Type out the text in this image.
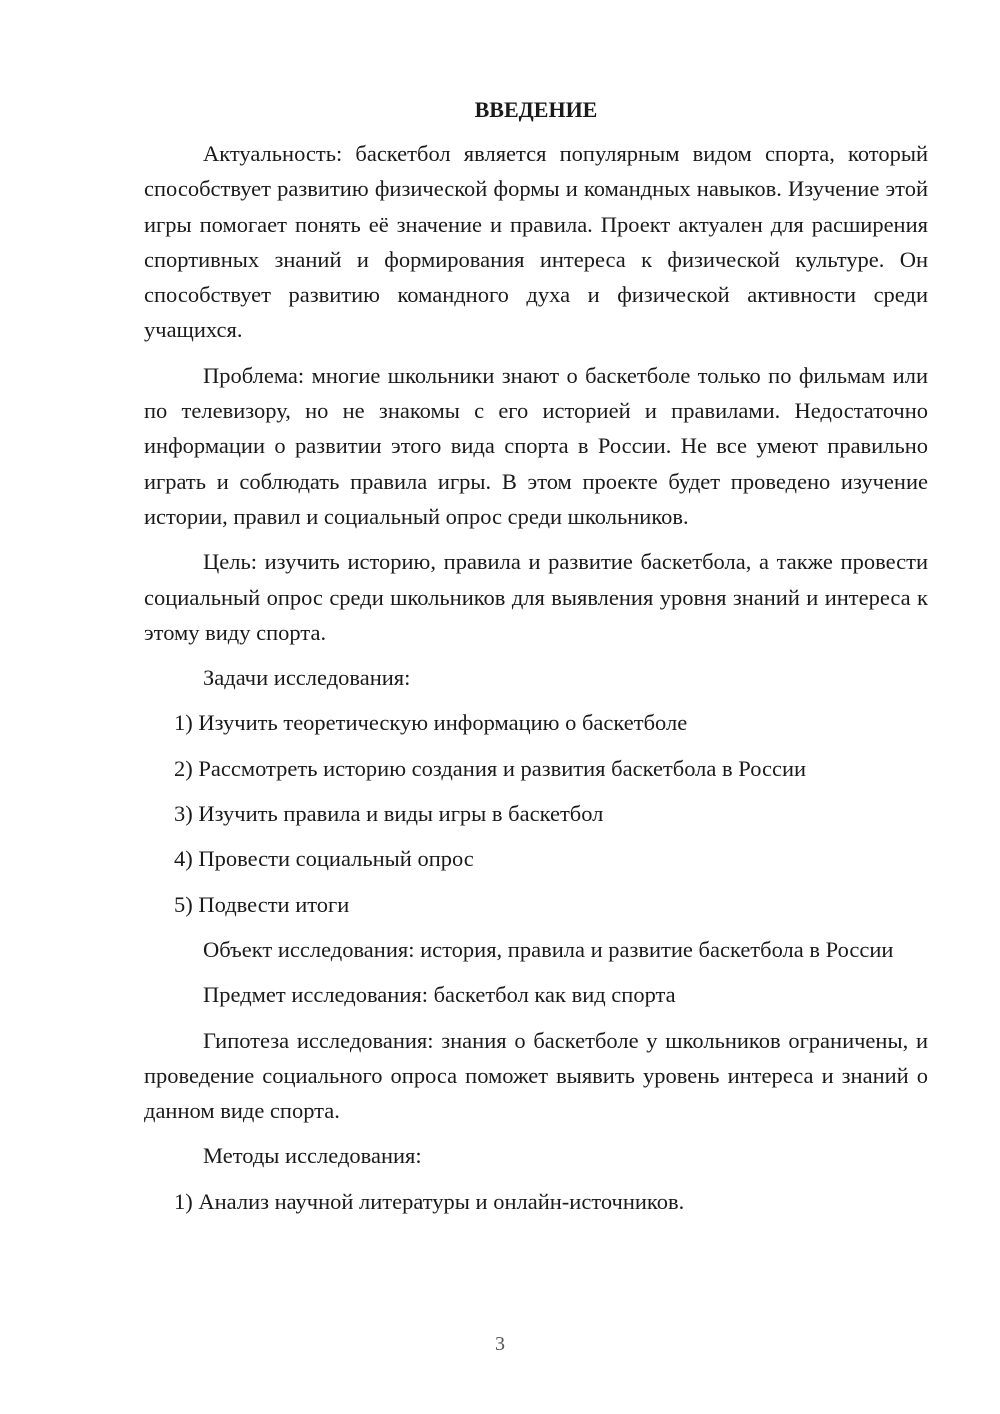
ВВЕДЕНИЕ

Актуальность: баскетбол является популярным видом спорта, который способствует развитию физической формы и командных навыков. Изучение этой игры помогает понять её значение и правила. Проект актуален для расширения спортивных знаний и формирования интереса к физической культуре. Он способствует развитию командного духа и физической активности среди учащихся.

Проблема: многие школьники знают о баскетболе только по фильмам или по телевизору, но не знакомы с его историей и правилами. Недостаточно информации о развитии этого вида спорта в России. Не все умеют правильно играть и соблюдать правила игры. В этом проекте будет проведено изучение истории, правил и социальный опрос среди школьников.

Цель: изучить историю, правила и развитие баскетбола, а также провести социальный опрос среди школьников для выявления уровня знаний и интереса к этому виду спорта.

Задачи исследования:

1) Изучить теоретическую информацию о баскетболе
2) Рассмотреть историю создания и развития баскетбола в России
3) Изучить правила и виды игры в баскетбол
4) Провести социальный опрос
5) Подвести итоги

Объект исследования: история, правила и развитие баскетбола в России

Предмет исследования: баскетбол как вид спорта

Гипотеза исследования: знания о баскетболе у школьников ограничены, и проведение социального опроса поможет выявить уровень интереса и знаний о данном виде спорта.

Методы исследования:

1) Анализ научной литературы и онлайн-источников.
3
